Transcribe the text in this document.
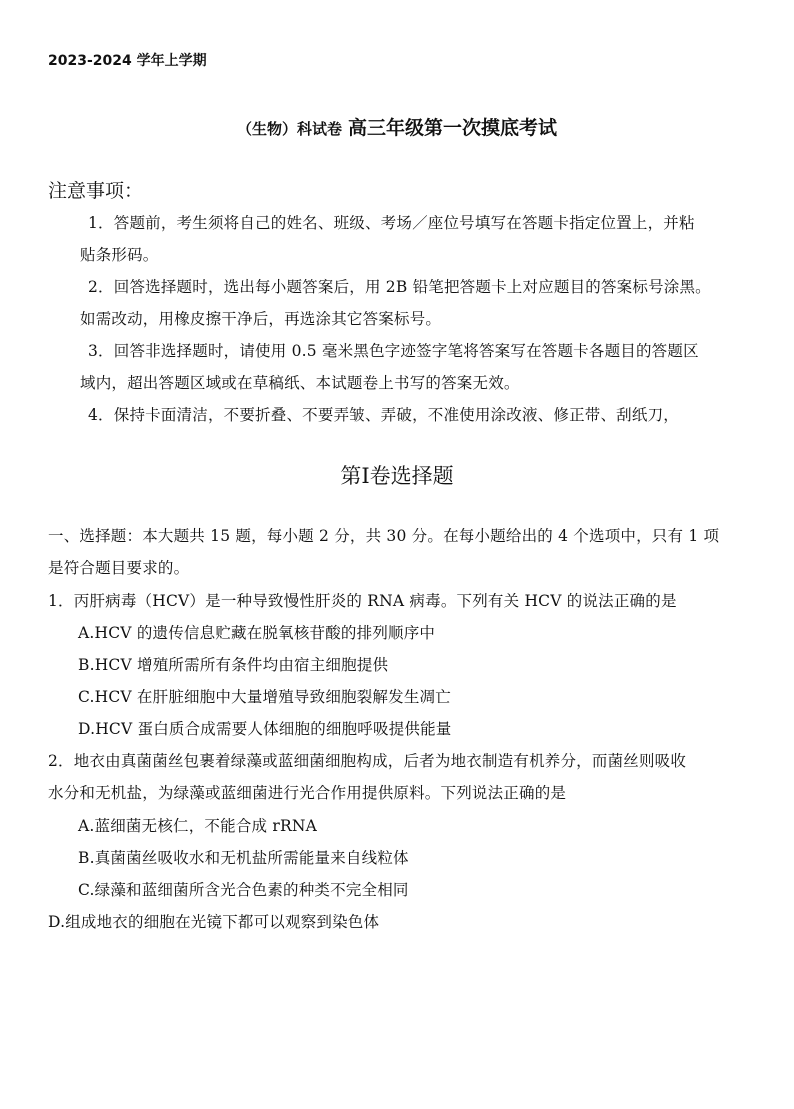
2023-2024 学年上学期
（生物）科试卷 高三年级第一次摸底考试
注意事项：
1．答题前，考生须将自己的姓名、班级、考场／座位号填写在答题卡指定位置上，并粘
贴条形码。
2．回答选择题时，选出每小题答案后，用 2B 铅笔把答题卡上对应题目的答案标号涂黑。
如需改动，用橡皮擦干净后，再选涂其它答案标号。
3．回答非选择题时，请使用 0.5 毫米黑色字迹签字笔将答案写在答题卡各题目的答题区
域内，超出答题区域或在草稿纸、本试题卷上书写的答案无效。
4．保持卡面清洁，不要折叠、不要弄皱、弄破，不准使用涂改液、修正带、刮纸刀，
第Ⅰ卷选择题
一、选择题：本大题共 15 题，每小题 2 分，共 30 分。在每小题给出的 4 个选项中，只有 1 项
是符合题目要求的。
1．丙肝病毒（HCV）是一种导致慢性肝炎的 RNA 病毒。下列有关 HCV 的说法正确的是
A.HCV 的遗传信息贮藏在脱氧核苷酸的排列顺序中
B.HCV 增殖所需所有条件均由宿主细胞提供
C.HCV 在肝脏细胞中大量增殖导致细胞裂解发生凋亡
D.HCV 蛋白质合成需要人体细胞的细胞呼吸提供能量
2．地衣由真菌菌丝包裹着绿藻或蓝细菌细胞构成，后者为地衣制造有机养分，而菌丝则吸收
水分和无机盐，为绿藻或蓝细菌进行光合作用提供原料。下列说法正确的是
A.蓝细菌无核仁，不能合成 rRNA
B.真菌菌丝吸收水和无机盐所需能量来自线粒体
C.绿藻和蓝细菌所含光合色素的种类不完全相同
D.组成地衣的细胞在光镜下都可以观察到染色体
